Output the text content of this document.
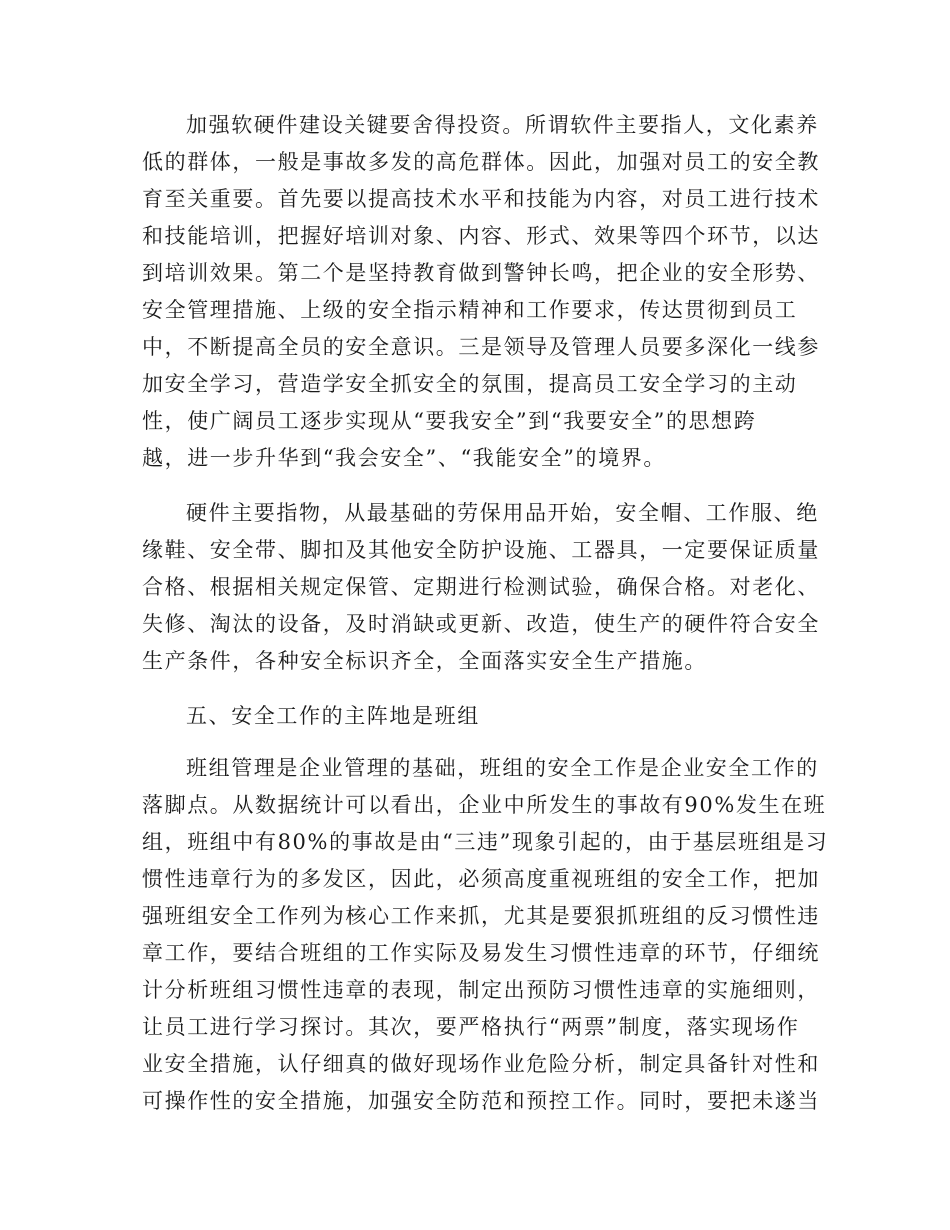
加强软硬件建设关键要舍得投资。所谓软件主要指人，文化素养
低的群体，一般是事故多发的高危群体。因此，加强对员工的安全教
育至关重要。首先要以提高技术水平和技能为内容，对员工进行技术
和技能培训，把握好培训对象、内容、形式、效果等四个环节，以达
到培训效果。第二个是坚持教育做到警钟长鸣，把企业的安全形势、
安全管理措施、上级的安全指示精神和工作要求，传达贯彻到员工
中，不断提高全员的安全意识。三是领导及管理人员要多深化一线参
加安全学习，营造学安全抓安全的氛围，提高员工安全学习的主动
性，使广阔员工逐步实现从“要我安全”到“我要安全”的思想跨
越，进一步升华到“我会安全”、“我能安全”的境界。
硬件主要指物，从最基础的劳保用品开始，安全帽、工作服、绝
缘鞋、安全带、脚扣及其他安全防护设施、工器具，一定要保证质量
合格、根据相关规定保管、定期进行检测试验，确保合格。对老化、
失修、淘汰的设备，及时消缺或更新、改造，使生产的硬件符合安全
生产条件，各种安全标识齐全，全面落实安全生产措施。
五、安全工作的主阵地是班组
班组管理是企业管理的基础，班组的安全工作是企业安全工作的
落脚点。从数据统计可以看出，企业中所发生的事故有90%发生在班
组，班组中有80%的事故是由“三违”现象引起的，由于基层班组是习
惯性违章行为的多发区，因此，必须高度重视班组的安全工作，把加
强班组安全工作列为核心工作来抓，尤其是要狠抓班组的反习惯性违
章工作，要结合班组的工作实际及易发生习惯性违章的环节，仔细统
计分析班组习惯性违章的表现，制定出预防习惯性违章的实施细则，
让员工进行学习探讨。其次，要严格执行“两票”制度，落实现场作
业安全措施，认仔细真的做好现场作业危险分析，制定具备针对性和
可操作性的安全措施，加强安全防范和预控工作。同时，要把未遂当
